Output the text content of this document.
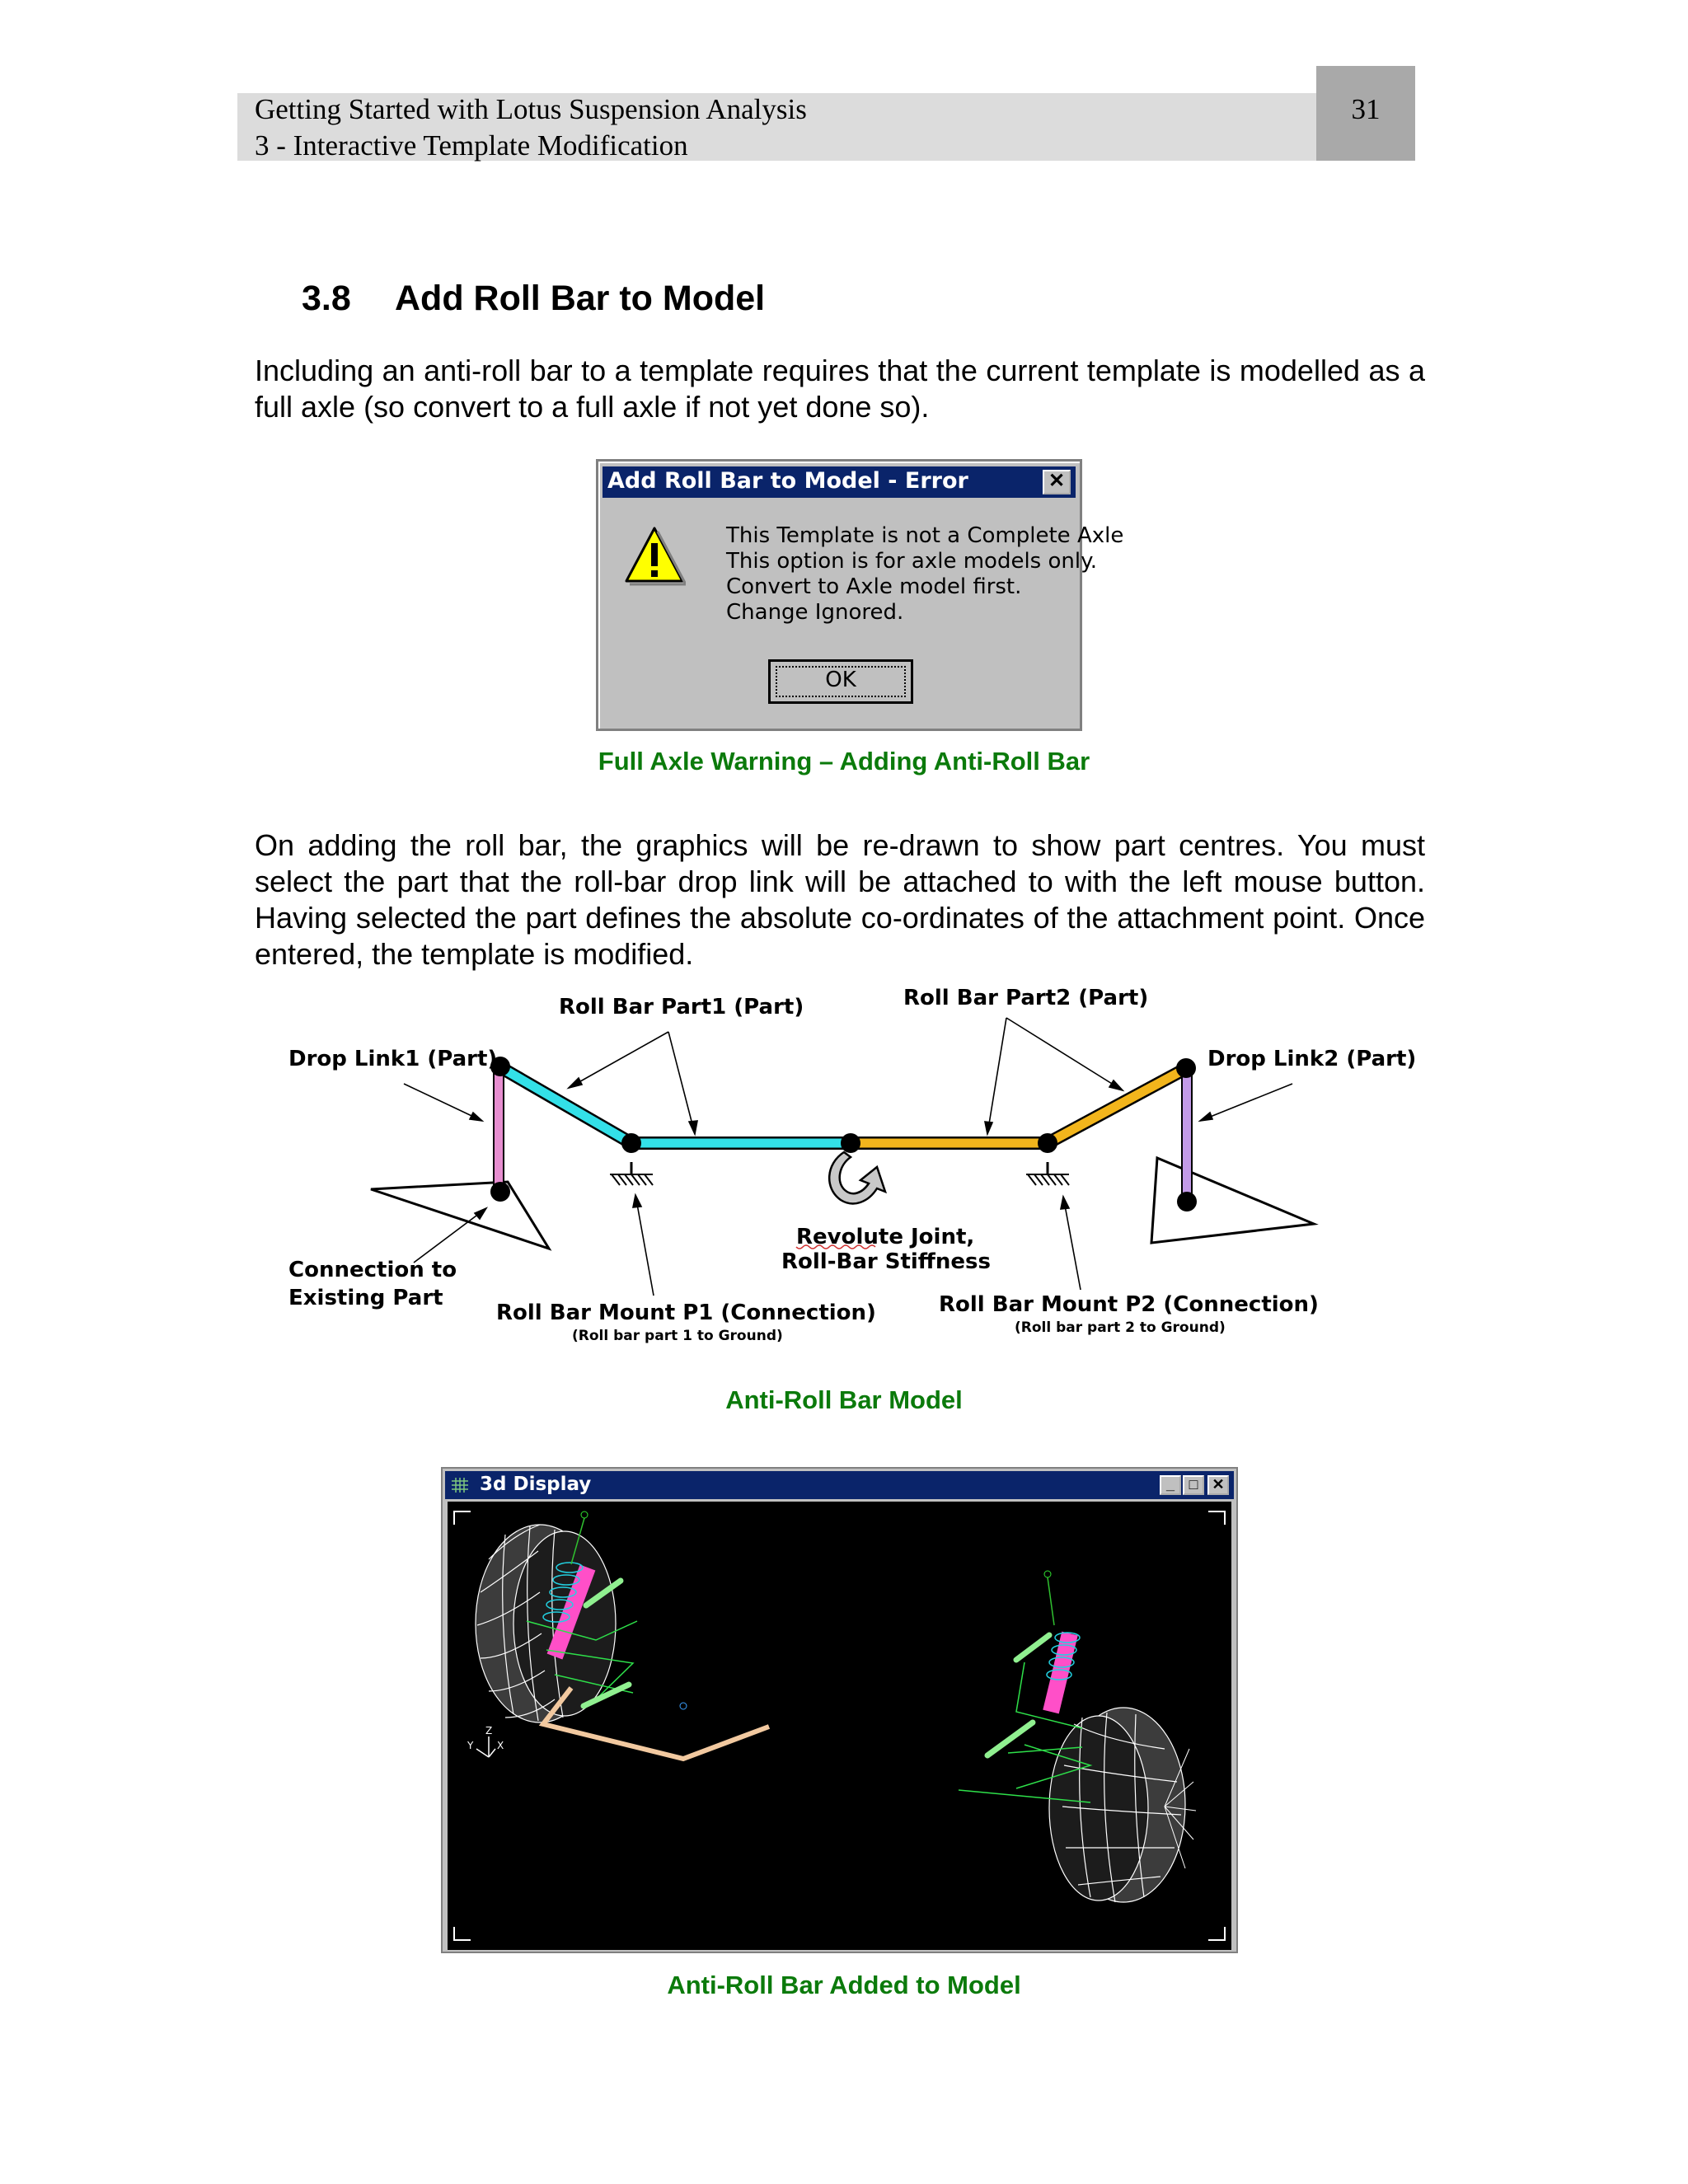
Getting Started with Lotus Suspension Analysis
3 - Interactive Template Modification
31
3.8 Add Roll Bar to Model
Including an anti-roll bar to a template requires that the current template is modelled as a full axle (so convert to a full axle if not yet done so).
Add Roll Bar to Model - Error	✕
This Template is not a Complete Axle
This option is for axle models only.
Convert to Axle model first.
Change Ignored.
OK
Full Axle Warning – Adding Anti-Roll Bar
On adding the roll bar, the graphics will be re-drawn to show part centres. You must select the part that the roll-bar drop link will be attached to with the left mouse button. Having selected the part defines the absolute co-ordinates of the attachment point. Once entered, the template is modified.
Roll Bar Part1 (Part)	Roll Bar Part2 (Part)
Drop Link1 (Part)	Drop Link2 (Part)
Revolute Joint,
Roll-Bar Stiffness
Connection to
Existing Part
Roll Bar Mount P1 (Connection)
(Roll bar part 1 to Ground)
Roll Bar Mount P2 (Connection)
(Roll bar part 2 to Ground)
Anti-Roll Bar Model
3d Display	_ □ ✕
Z
Y X
Anti-Roll Bar Added to Model
